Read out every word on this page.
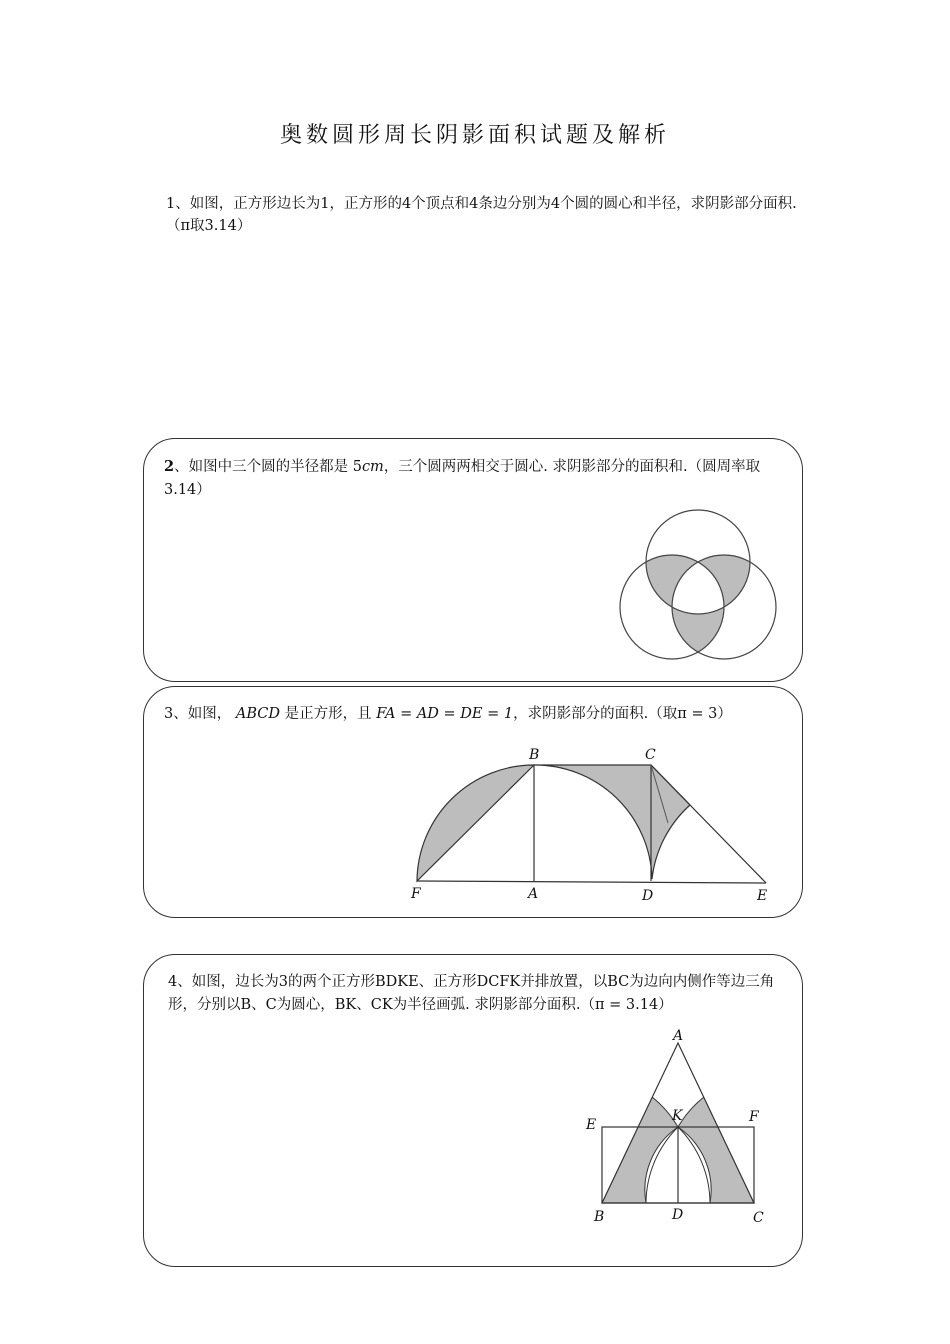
奥数圆形周长阴影面积试题及解析
1、如图，正方形边长为1，正方形的4个顶点和4条边分别为4个圆的圆心和半径，求阴影部分面积.（π取3.14）
2、如图中三个圆的半径都是 5cm，三个圆两两相交于圆心. 求阴影部分的面积和.（圆周率取3.14）
3、如图， ABCD 是正方形，且 FA = AD = DE = 1，求阴影部分的面积.（取π = 3）
B	C
F	A	D	E
4、如图，边长为3的两个正方形BDKE、正方形DCFK并排放置，以BC为边向内侧作等边三角形，分别以B、C为圆心，BK、CK为半径画弧. 求阴影部分面积.（π = 3.14）
A
K
E	F
B	D	C
